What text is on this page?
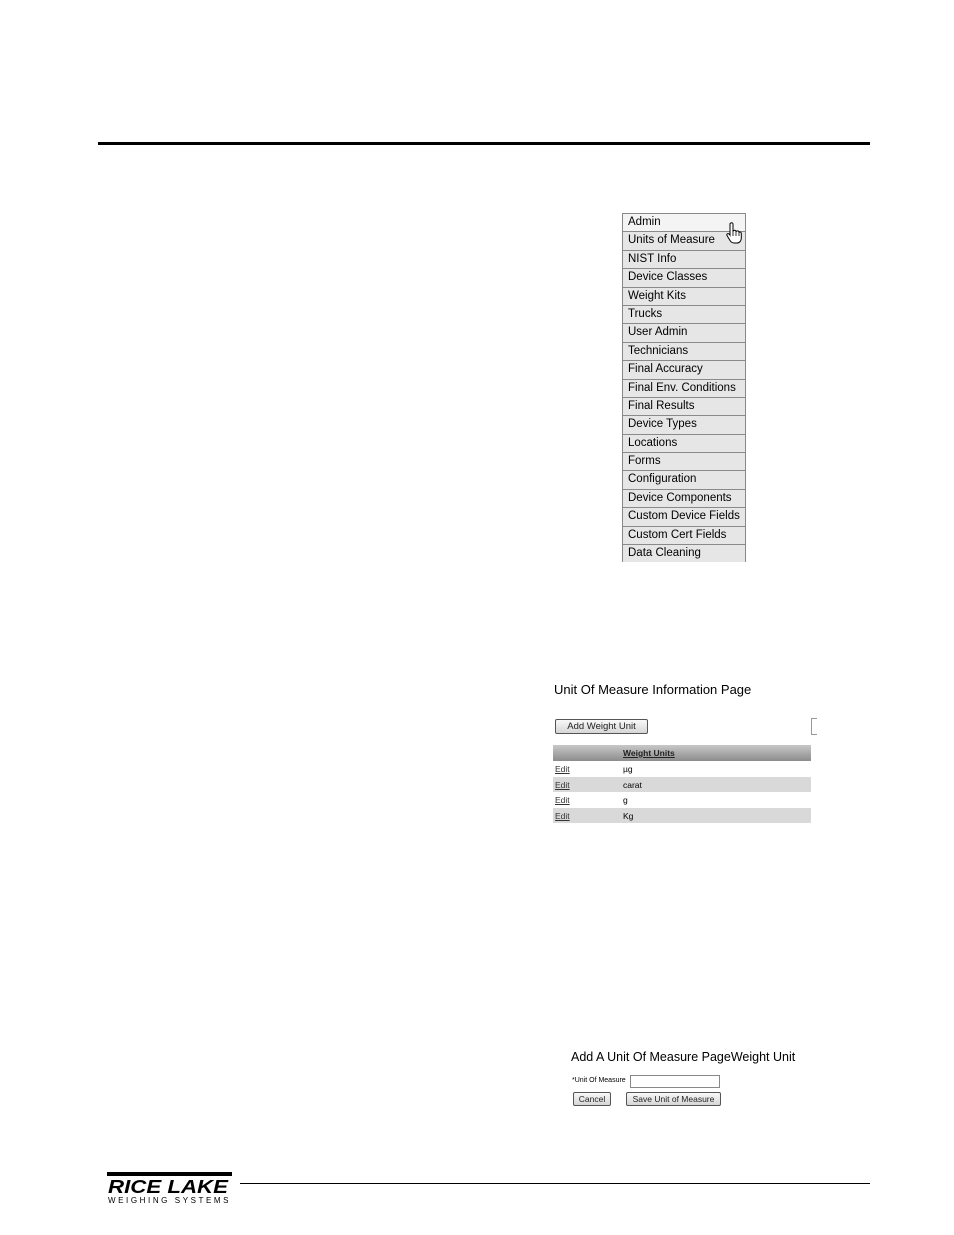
Admin
Units of Measure
NIST Info
Device Classes
Weight Kits
Trucks
User Admin
Technicians
Final Accuracy
Final Env. Conditions
Final Results
Device Types
Locations
Forms
Configuration
Device Components
Custom Device Fields
Custom Cert Fields
Data Cleaning
Unit Of Measure Information Page
Add Weight Unit
Weight Units
Edit	µg
Edit	carat
Edit	g
Edit	Kg
Add A Unit Of Measure PageWeight Unit
*Unit Of Measure
Cancel	Save Unit of Measure
RICE LAKE
WEIGHING SYSTEMS
